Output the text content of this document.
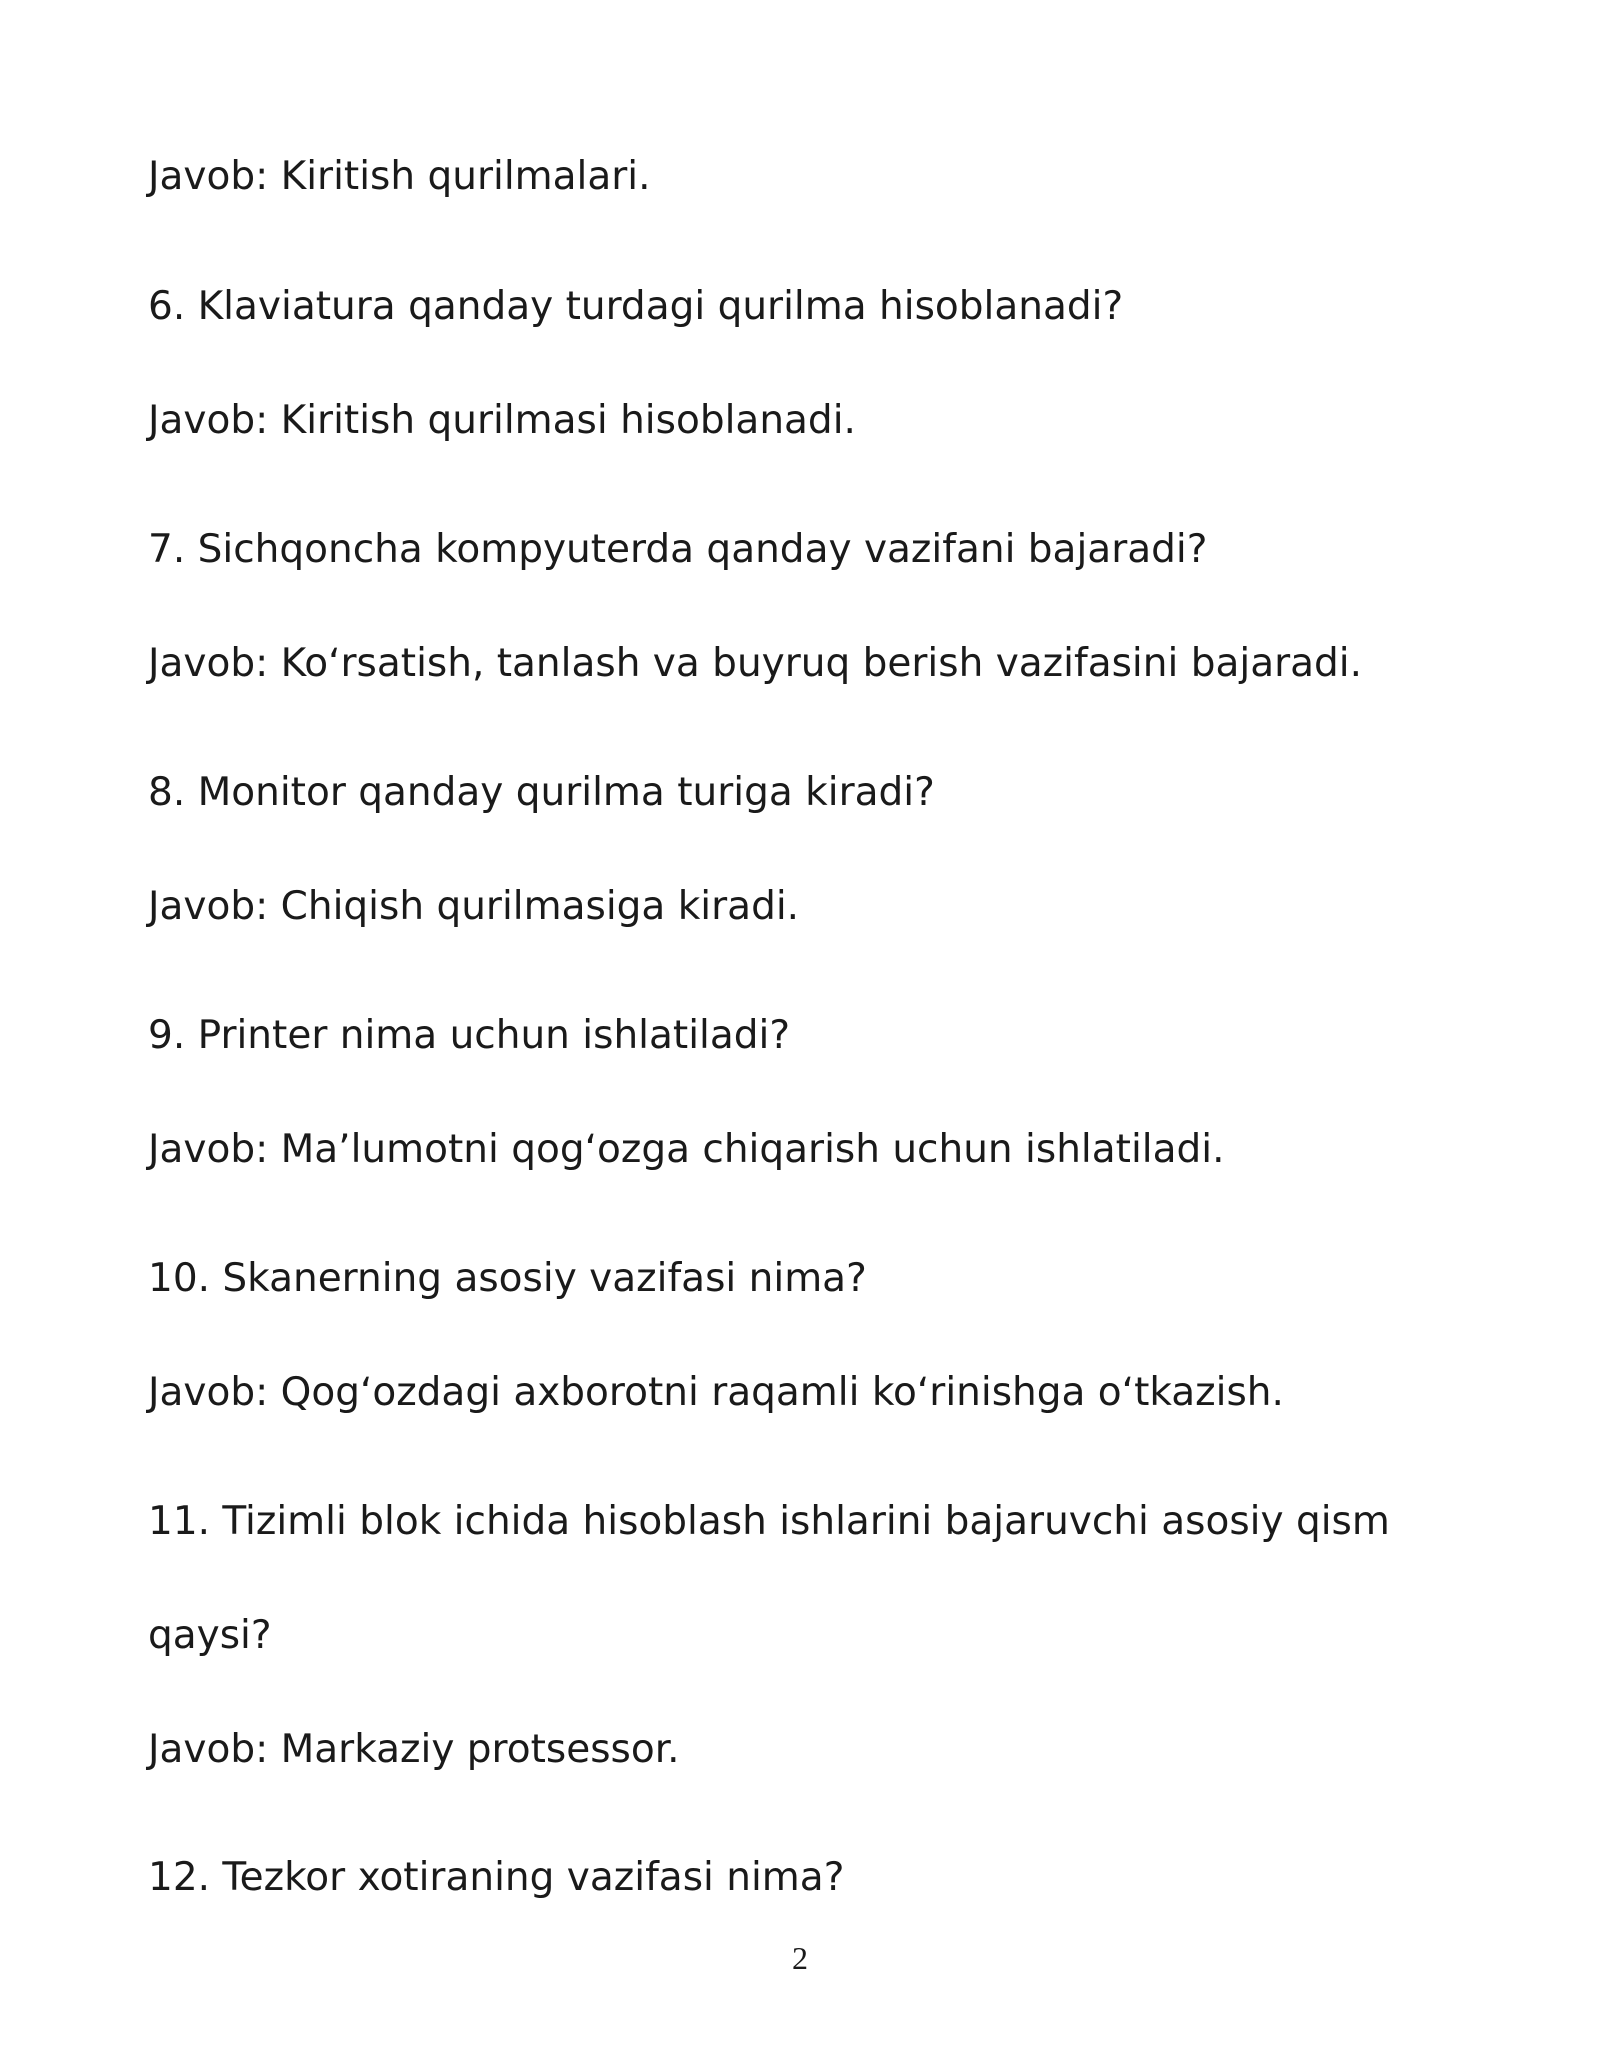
Javob: Kiritish qurilmalari.

6. Klaviatura qanday turdagi qurilma hisoblanadi?

Javob: Kiritish qurilmasi hisoblanadi.

7. Sichqoncha kompyuterda qanday vazifani bajaradi?

Javob: Ko‘rsatish, tanlash va buyruq berish vazifasini bajaradi.

8. Monitor qanday qurilma turiga kiradi?

Javob: Chiqish qurilmasiga kiradi.

9. Printer nima uchun ishlatiladi?

Javob: Ma’lumotni qog‘ozga chiqarish uchun ishlatiladi.

10. Skanerning asosiy vazifasi nima?

Javob: Qog‘ozdagi axborotni raqamli ko‘rinishga o‘tkazish.

11. Tizimli blok ichida hisoblash ishlarini bajaruvchi asosiy qism

qaysi?

Javob: Markaziy protsessor.

12. Tezkor xotiraning vazifasi nima?

2
